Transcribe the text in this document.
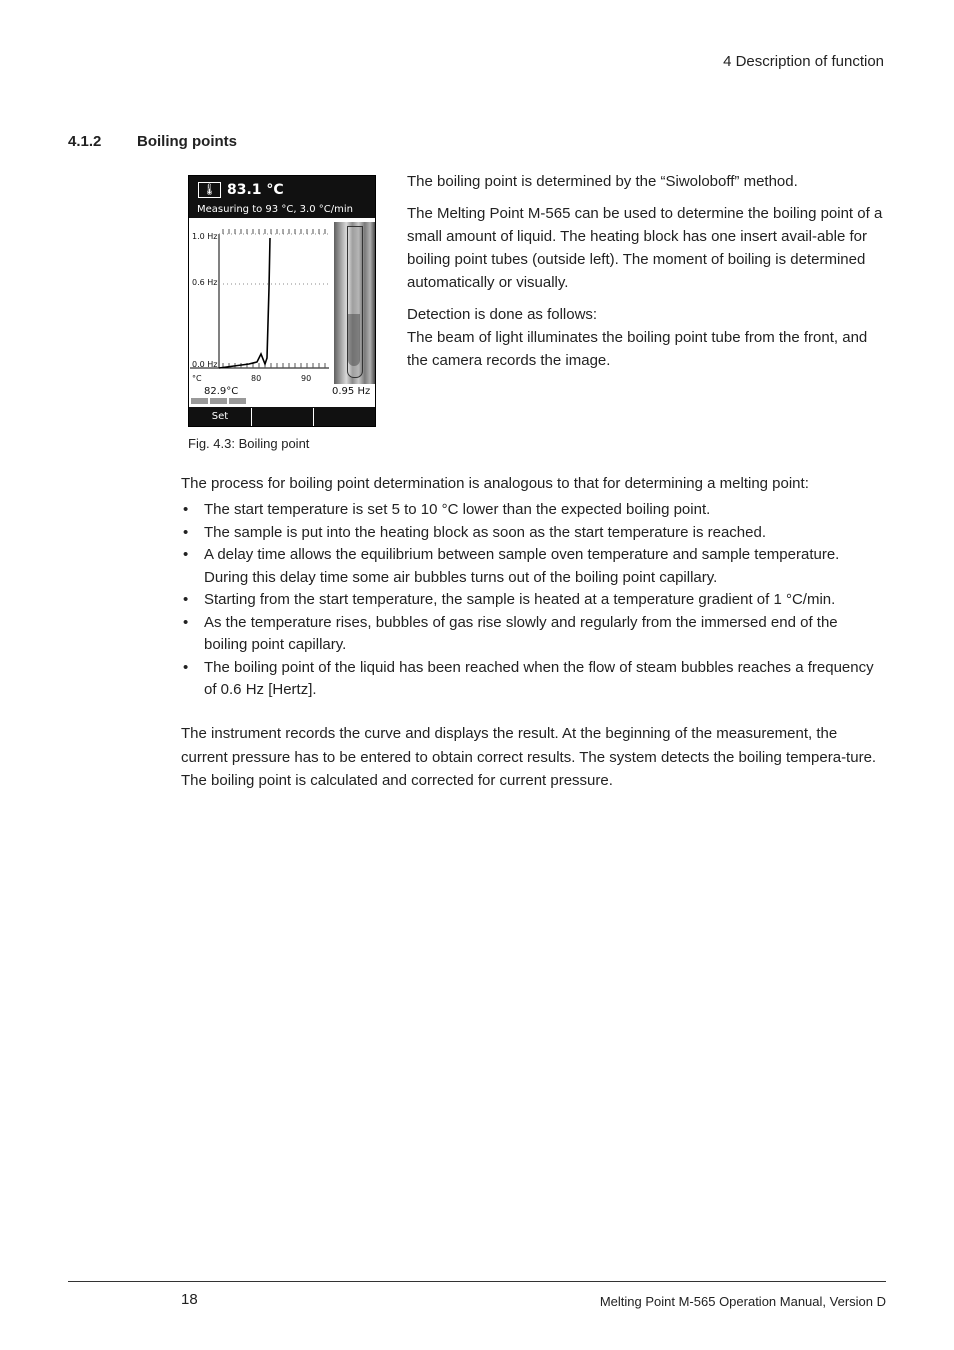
4 Description of function
4.1.2 Boiling points
🌡 83.1 °C
Measuring to 93 °C, 3.0 °C/min
1.0 Hz
0.6 Hz
0.0 Hz
°C	80	90
82.9°C	0.95 Hz
Set
Fig. 4.3: Boiling point

The boiling point is determined by the “Siwoloboff” method.

The Melting Point M-565 can be used to determine the boiling point of a small amount of liquid. The heating block has one insert avail-able for boiling point tubes (outside left). The moment of boiling is determined automatically or visually.

Detection is done as follows:

The beam of light illuminates the boiling point tube from the front, and the camera records the image.

The process for boiling point determination is analogous to that for determining a melting point:

• The start temperature is set 5 to 10 °C lower than the expected boiling point.
• The sample is put into the heating block as soon as the start temperature is reached.
• A delay time allows the equilibrium between sample oven temperature and sample temperature. During this delay time some air bubbles turns out of the boiling point capillary.
• Starting from the start temperature, the sample is heated at a temperature gradient of 1 °C/min.
• As the temperature rises, bubbles of gas rise slowly and regularly from the immersed end of the boiling point capillary.
• The boiling point of the liquid has been reached when the flow of steam bubbles reaches a frequency of 0.6 Hz [Hertz].

The instrument records the curve and displays the result. At the beginning of the measurement, the current pressure has to be entered to obtain correct results. The system detects the boiling tempera-ture. The boiling point is calculated and corrected for current pressure.

18	Melting Point M-565 Operation Manual, Version D
